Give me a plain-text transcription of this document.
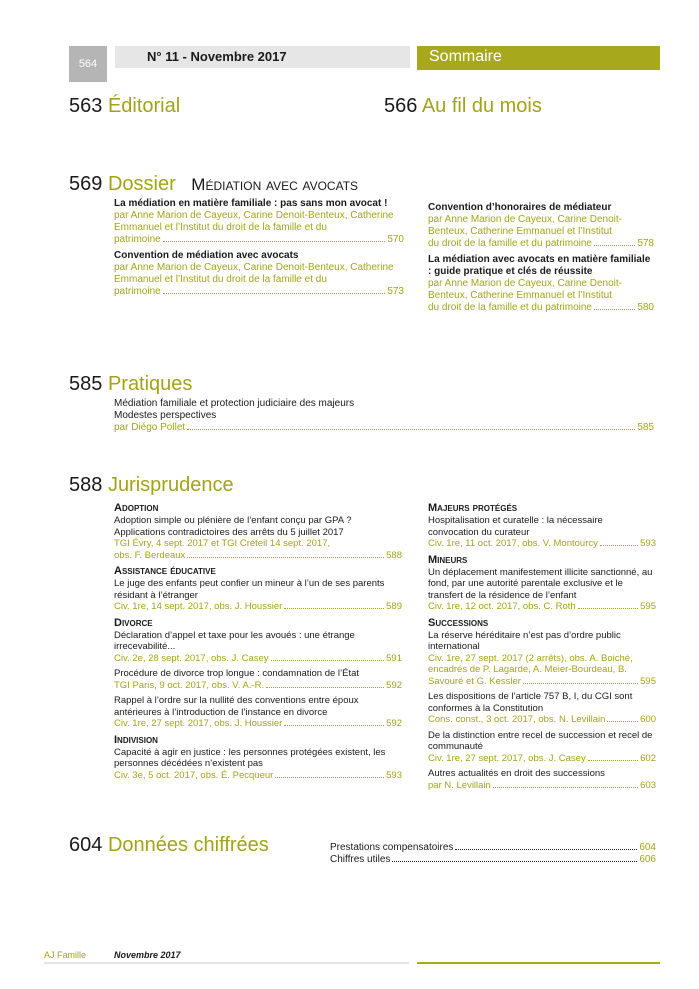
564	N° 11 - Novembre 2017	Sommaire
563 Éditorial	566 Au fil du mois
569 Dossier Médiation avec avocats
La médiation en matière familiale : pas sans mon avocat !
par Anne Marion de Cayeux, Carine Denoit-Benteux, Catherine Emmanuel et l’Institut du droit de la famille et du
patrimoine	570
Convention de médiation avec avocats
par Anne Marion de Cayeux, Carine Denoit-Benteux, Catherine Emmanuel et l’Institut du droit de la famille et du
patrimoine	573
Convention d’honoraires de médiateur
par Anne Marion de Cayeux, Carine Denoit-Benteux, Catherine Emmanuel et l’Institut
du droit de la famille et du patrimoine	578
La médiation avec avocats en matière familiale : guide pratique et clés de réussite
par Anne Marion de Cayeux, Carine Denoit-Benteux, Catherine Emmanuel et l’Institut
du droit de la famille et du patrimoine	580
585 Pratiques
Médiation familiale et protection judiciaire des majeurs
Modestes perspectives
par Diégo Pollet	585
588 Jurisprudence
Adoption
Adoption simple ou plénière de l’enfant conçu par GPA ? Applications contradictoires des arrêts du 5 juillet 2017
TGI Évry, 4 sept. 2017 et TGI Créteil 14 sept. 2017,
obs. F. Berdeaux	588
Assistance éducative
Le juge des enfants peut confier un mineur à l’un de ses parents résidant à l’étranger
Civ. 1re, 14 sept. 2017, obs. J. Houssier	589
Divorce
Déclaration d’appel et taxe pour les avoués : une étrange irrecevabilité...
Civ. 2e, 28 sept. 2017, obs. J. Casey	591
Procédure de divorce trop longue : condamnation de l’État
TGI Paris, 9 oct. 2017, obs. V. A.-R.	592
Rappel à l’ordre sur la nullité des conventions entre époux antérieures à l’introduction de l’instance en divorce
Civ. 1re, 27 sept. 2017, obs. J. Houssier	592
Indivision
Capacité à agir en justice : les personnes protégées existent, les personnes décédées n’existent pas
Civ. 3e, 5 oct. 2017, obs. É. Pecqueur	593
Majeurs protégés
Hospitalisation et curatelle : la nécessaire convocation du curateur
Civ. 1re, 11 oct. 2017, obs. V. Montourcy	593
Mineurs
Un déplacement manifestement illicite sanctionné, au fond, par une autorité parentale exclusive et le transfert de la résidence de l’enfant
Civ. 1re, 12 oct. 2017, obs. C. Roth	595
Successions
La réserve héréditaire n’est pas d’ordre public international
Civ. 1re, 27 sept. 2017 (2 arrêts), obs. A. Boiché,
encadrés de P. Lagarde, A. Meier-Bourdeau, B.
Savouré et G. Kessler	595
Les dispositions de l’article 757 B, I, du CGI sont conformes à la Constitution
Cons. const., 3 oct. 2017, obs. N. Levillain	600
De la distinction entre recel de succession et recel de communauté
Civ. 1re, 27 sept. 2017, obs. J. Casey	602
Autres actualités en droit des successions
par N. Levillain	603
604 Données chiffrées	Prestations compensatoires	604
Chiffres utiles	606
AJ Famille	Novembre 2017
